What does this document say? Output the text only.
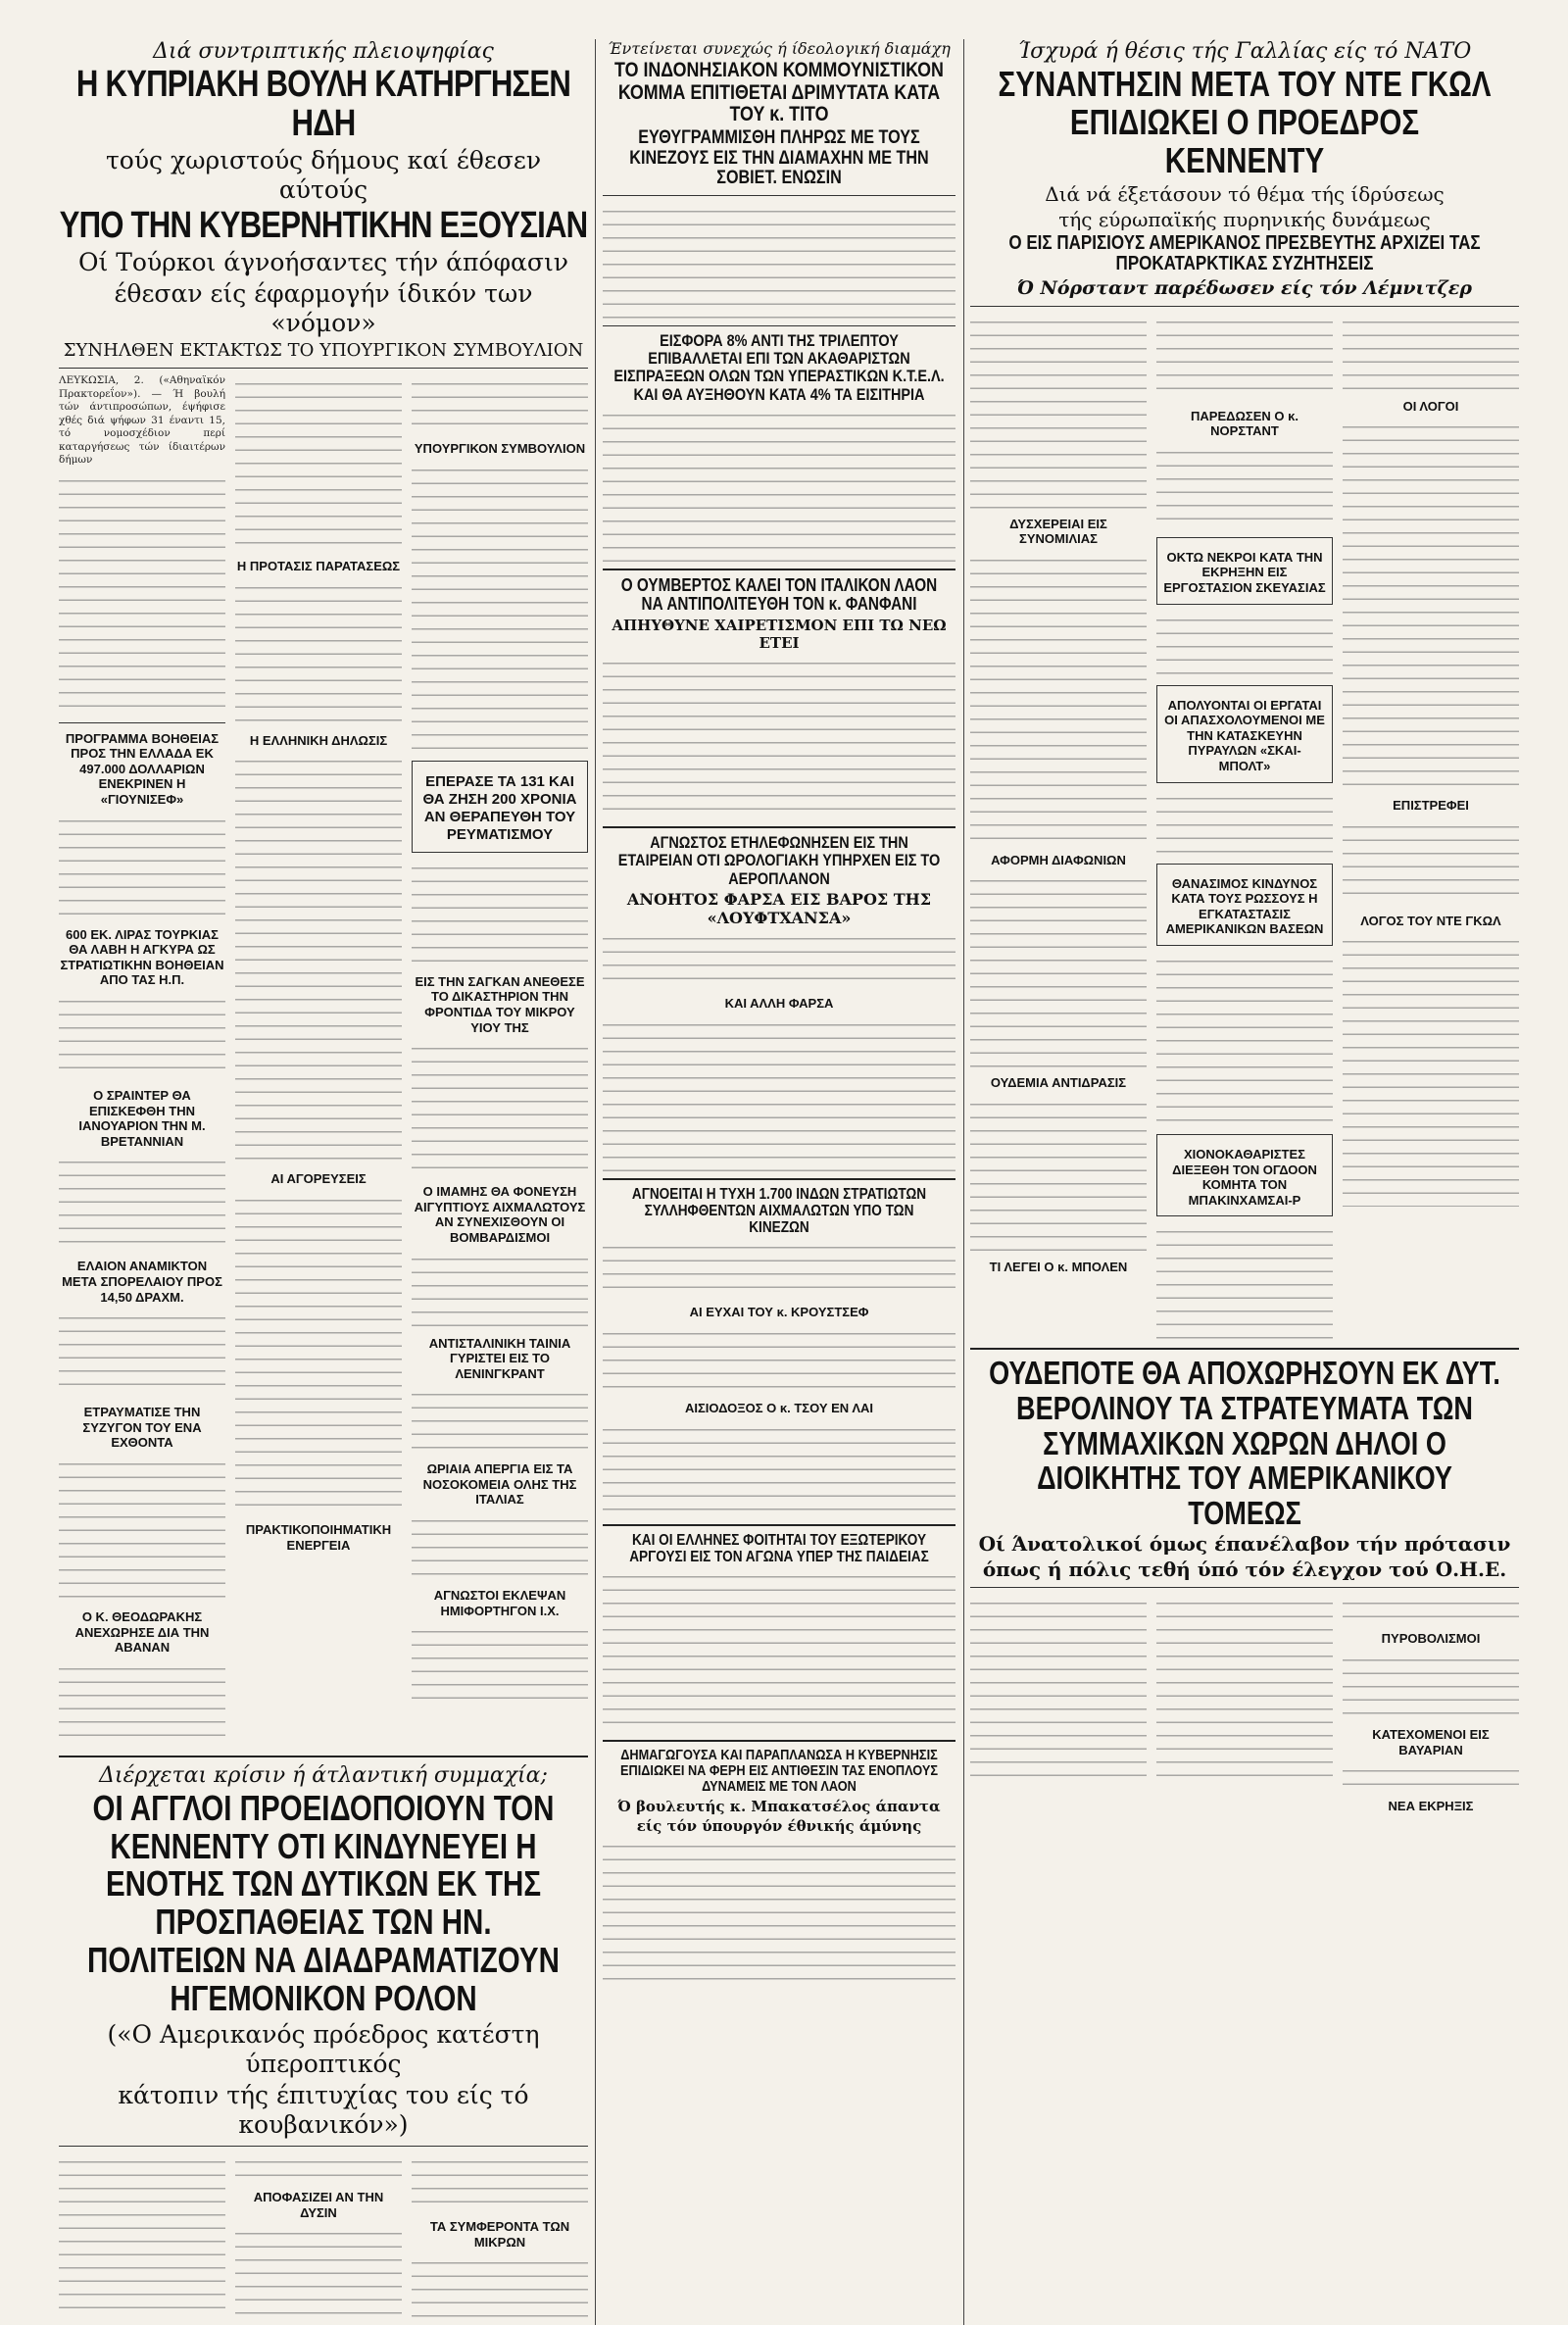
Διά συντριπτικής πλειοψηφίας
Η ΚΥΠΡΙΑΚΗ ΒΟΥΛΗ ΚΑΤΗΡΓΗΣΕΝ ΗΔΗ
τούς χωριστούς δήμους καί έθεσεν αύτούς
ΥΠΟ ΤΗΝ ΚΥΒΕΡΝΗΤΙΚΗΝ ΕΞΟΥΣΙΑΝ
Οί Τούρκοι άγνοήσαντες τήν άπόφασιν
έθεσαν είς έφαρμογήν ίδικόν των «νόμον»
ΣΥΝΗΛΘΕΝ ΕΚΤΑΚΤΩΣ ΤΟ ΥΠΟΥΡΓΙΚΟΝ ΣΥΜΒΟΥΛΙΟΝ
ΛΕΥΚΩΣΙΑ, 2. («Αθηναϊκόν Πρακτορεΐον»). — Ή βουλή τών άντιπροσώπων, έψήφισε χθές διά ψήφων 31 έναντι 15, τό νομοσχέδιον περί καταργήσεως τών ίδιαιτέρων δήμων
ΠΡΟΓΡΑΜΜΑ ΒΟΗΘΕΙΑΣ ΠΡΟΣ ΤΗΝ ΕΛΛΑΔΑ ΕΚ 497.000 ΔΟΛΛΑΡΙΩΝ ΕΝΕΚΡΙΝΕΝ Η «ΓΙΟΥΝΙΣΕΦ»
600 ΕΚ. ΛΙΡΑΣ ΤΟΥΡΚΙΑΣ ΘΑ ΛΑΒΗ Η ΑΓΚΥΡΑ ΩΣ ΣΤΡΑΤΙΩΤΙΚΗΝ ΒΟΗΘΕΙΑΝ ΑΠΟ ΤΑΣ Η.Π.
Ο ΣΡΑΙΝΤΕΡ ΘΑ ΕΠΙΣΚΕΦΘΗ ΤΗΝ ΙΑΝΟΥΑΡΙΟΝ ΤΗΝ Μ. ΒΡΕΤΑΝΝΙΑΝ
ΕΛΑΙΟΝ ΑΝΑΜΙΚΤΟΝ ΜΕΤΑ ΣΠΟΡΕΛΑΙΟΥ ΠΡΟΣ 14,50 ΔΡΑΧΜ.
ΕΤΡΑΥΜΑΤΙΣΕ ΤΗΝ ΣΥΖΥΓΟΝ ΤΟΥ ΕΝΑ ΕΧΘΟΝΤΑ
Ο Κ. ΘΕΟΔΩΡΑΚΗΣ ΑΝΕΧΩΡΗΣΕ ΔΙΑ ΤΗΝ ΑΒΑΝΑΝ
Η ΠΡΟΤΑΣΙΣ ΠΑΡΑΤΑΣΕΩΣ
Η ΕΛΛΗΝΙΚΗ ΔΗΛΩΣΙΣ
ΑΙ ΑΓΟΡΕΥΣΕΙΣ
ΠΡΑΚΤΙΚΟΠΟΙΗΜΑΤΙΚΗ ΕΝΕΡΓΕΙΑ
ΥΠΟΥΡΓΙΚΟΝ ΣΥΜΒΟΥΛΙΟΝ
ΕΠΕΡΑΣΕ ΤΑ 131 ΚΑΙ ΘΑ ΖΗΣΗ 200 ΧΡΟΝΙΑ ΑΝ ΘΕΡΑΠΕΥΘΗ ΤΟΥ ΡΕΥΜΑΤΙΣΜΟΥ
ΕΙΣ ΤΗΝ ΣΑΓΚΑΝ ΑΝΕΘΕΣΕ ΤΟ ΔΙΚΑΣΤΗΡΙΟΝ ΤΗΝ ΦΡΟΝΤΙΔΑ ΤΟΥ ΜΙΚΡΟΥ ΥΙΟΥ ΤΗΣ
Ο ΙΜΑΜΗΣ ΘΑ ΦΟΝΕΥΣΗ ΑΙΓΥΠΤΙΟΥΣ ΑΙΧΜΑΛΩΤΟΥΣ ΑΝ ΣΥΝΕΧΙΣΘΟΥΝ ΟΙ ΒΟΜΒΑΡΔΙΣΜΟΙ
ΑΝΤΙΣΤΑΛΙΝΙΚΗ ΤΑΙΝΙΑ ΓΥΡΙΣΤΕΙ ΕΙΣ ΤΟ ΛΕΝΙΝΓΚΡΑΝΤ
ΩΡΙΑΙΑ ΑΠΕΡΓΙΑ ΕΙΣ ΤΑ ΝΟΣΟΚΟΜΕΙΑ ΟΛΗΣ ΤΗΣ ΙΤΑΛΙΑΣ
ΑΓΝΩΣΤΟΙ ΕΚΛΕΨΑΝ ΗΜΙΦΟΡΤΗΓΟΝ Ι.Χ.
Διέρχεται κρίσιν ή άτλαντική συμμαχία;
ΟΙ ΑΓΓΛΟΙ ΠΡΟΕΙΔΟΠΟΙΟΥΝ ΤΟΝ ΚΕΝΝΕΝΤΥ ΟΤΙ ΚΙΝΔΥΝΕΥΕΙ Η ΕΝΟΤΗΣ ΤΩΝ ΔΥΤΙΚΩΝ ΕΚ ΤΗΣ ΠΡΟΣΠΑΘΕΙΑΣ ΤΩΝ ΗΝ. ΠΟΛΙΤΕΙΩΝ ΝΑ ΔΙΑΔΡΑΜΑΤΙΖΟΥΝ ΗΓΕΜΟΝΙΚΟΝ ΡΟΛΟΝ
(«Ο Αμερικανός πρόεδρος κατέστη ύπεροπτικός
κάτοπιν τής έπιτυχίας του είς τό κουβανικόν»)
ΑΠΟΦΑΣΙΖΕΙ ΑΝ ΤΗΝ ΔΥΣΙΝ
ΤΑ ΣΥΜΦΕΡΟΝΤΑ ΤΩΝ ΜΙΚΡΩΝ
Έντείνεται συνεχώς ή ίδεολογική διαμάχη
ΤΟ ΙΝΔΟΝΗΣΙΑΚΟΝ ΚΟΜΜΟΥΝΙΣΤΙΚΟΝ ΚΟΜΜΑ ΕΠΙΤΙΘΕΤΑΙ ΔΡΙΜΥΤΑΤΑ ΚΑΤΑ ΤΟΥ κ. ΤΙΤΟ
ΕΥΘΥΓΡΑΜΜΙΣΘΗ ΠΛΗΡΩΣ ΜΕ ΤΟΥΣ ΚΙΝΕΖΟΥΣ ΕΙΣ ΤΗΝ ΔΙΑΜΑΧΗΝ ΜΕ ΤΗΝ ΣΟΒΙΕΤ. ΕΝΩΣΙΝ
ΕΙΣΦΟΡΑ 8% ΑΝΤΙ ΤΗΣ ΤΡΙΛΕΠΤΟΥ ΕΠΙΒΑΛΛΕΤΑΙ ΕΠΙ ΤΩΝ ΑΚΑΘΑΡΙΣΤΩΝ ΕΙΣΠΡΑΞΕΩΝ ΟΛΩΝ ΤΩΝ ΥΠΕΡΑΣΤΙΚΩΝ Κ.Τ.Ε.Λ. ΚΑΙ ΘΑ ΑΥΞΗΘΟΥΝ ΚΑΤΑ 4% ΤΑ ΕΙΣΙΤΗΡΙΑ
Ο ΟΥΜΒΕΡΤΟΣ ΚΑΛΕΙ ΤΟΝ ΙΤΑΛΙΚΟΝ ΛΑΟΝ ΝΑ ΑΝΤΙΠΟΛΙΤΕΥΘΗ ΤΟΝ κ. ΦΑΝΦΑΝΙ
ΑΠΗΥΘΥΝΕ ΧΑΙΡΕΤΙΣΜΟΝ ΕΠΙ ΤΩ ΝΕΩ ΕΤΕΙ
ΑΓΝΩΣΤΟΣ ΕΤΗΛΕΦΩΝΗΣΕΝ ΕΙΣ ΤΗΝ ΕΤΑΙΡΕΙΑΝ ΟΤΙ ΩΡΟΛΟΓΙΑΚΗ ΥΠΗΡΧΕΝ ΕΙΣ ΤΟ ΑΕΡΟΠΛΑΝΟΝ
ΑΝΟΗΤΟΣ ΦΑΡΣΑ ΕΙΣ ΒΑΡΟΣ ΤΗΣ «ΛΟΥΦΤΧΑΝΣΑ»
ΚΑΙ ΑΛΛΗ ΦΑΡΣΑ
ΑΓΝΟΕΙΤΑΙ Η ΤΥΧΗ 1.700 ΙΝΔΩΝ ΣΤΡΑΤΙΩΤΩΝ ΣΥΛΛΗΦΘΕΝΤΩΝ ΑΙΧΜΑΛΩΤΩΝ ΥΠΟ ΤΩΝ ΚΙΝΕΖΩΝ
ΑΙ ΕΥΧΑΙ ΤΟΥ κ. ΚΡΟΥΣΤΣΕΦ
ΑΙΣΙΟΔΟΞΟΣ Ο κ. ΤΣΟΥ ΕΝ ΛΑΙ
ΚΑΙ ΟΙ ΕΛΛΗΝΕΣ ΦΟΙΤΗΤΑΙ ΤΟΥ ΕΞΩΤΕΡΙΚΟΥ ΑΡΓΟΥΣΙ ΕΙΣ ΤΟΝ ΑΓΩΝΑ ΥΠΕΡ ΤΗΣ ΠΑΙΔΕΙΑΣ
ΔΗΜΑΓΩΓΟΥΣΑ ΚΑΙ ΠΑΡΑΠΛΑΝΩΣΑ Η ΚΥΒΕΡΝΗΣΙΣ ΕΠΙΔΙΩΚΕΙ ΝΑ ΦΕΡΗ ΕΙΣ ΑΝΤΙΘΕΣΙΝ ΤΑΣ ΕΝΟΠΛΟΥΣ ΔΥΝΑΜΕΙΣ ΜΕ ΤΟΝ ΛΑΟΝ
Ό βουλευτής κ. Μπακατσέλος άπαντα
είς τόν ύπουργόν έθνικής άμύνης
Ίσχυρά ή θέσις τής Γαλλίας είς τό ΝΑΤΟ
ΣΥΝΑΝΤΗΣΙΝ ΜΕΤΑ ΤΟΥ ΝΤΕ ΓΚΩΛ ΕΠΙΔΙΩΚΕΙ Ο ΠΡΟΕΔΡΟΣ ΚΕΝΝΕΝΤΥ
Διά νά έξετάσουν τό θέμα τής ίδρύσεως
τής εύρωπαϊκής πυρηνικής δυνάμεως
Ο ΕΙΣ ΠΑΡΙΣΙΟΥΣ ΑΜΕΡΙΚΑΝΟΣ ΠΡΕΣΒΕΥΤΗΣ ΑΡΧΙΖΕΙ ΤΑΣ ΠΡΟΚΑΤΑΡΚΤΙΚΑΣ ΣΥΖΗΤΗΣΕΙΣ
Ό Νόρσταντ παρέδωσεν είς τόν Λέμνιτζερ
ΔΥΣΧΕΡΕΙΑΙ ΕΙΣ ΣΥΝΟΜΙΛΙΑΣ
ΑΦΟΡΜΗ ΔΙΑΦΩΝΙΩΝ
ΟΥΔΕΜΙΑ ΑΝΤΙΔΡΑΣΙΣ
ΤΙ ΛΕΓΕΙ Ο κ. ΜΠΟΛΕΝ
ΠΑΡΕΔΩΣΕΝ Ο κ. ΝΟΡΣΤΑΝΤ
ΟΚΤΩ ΝΕΚΡΟΙ ΚΑΤΑ ΤΗΝ ΕΚΡΗΞΗΝ ΕΙΣ ΕΡΓΟΣΤΑΣΙΟΝ ΣΚΕΥΑΣΙΑΣ
ΑΠΟΛΥΟΝΤΑΙ ΟΙ ΕΡΓΑΤΑΙ ΟΙ ΑΠΑΣΧΟΛΟΥΜΕΝΟΙ ΜΕ ΤΗΝ ΚΑΤΑΣΚΕΥΗΝ ΠΥΡΑΥΛΩΝ «ΣΚΑΙ-ΜΠΟΛΤ»
ΘΑΝΑΣΙΜΟΣ ΚΙΝΔΥΝΟΣ ΚΑΤΑ ΤΟΥΣ ΡΩΣΣΟΥΣ Η ΕΓΚΑΤΑΣΤΑΣΙΣ ΑΜΕΡΙΚΑΝΙΚΩΝ ΒΑΣΕΩΝ
ΧΙΟΝΟΚΑΘΑΡΙΣΤΕΣ ΔΙΕΞΕΘΗ ΤΟΝ ΟΓΔΟΟΝ ΚΟΜΗΤΑ ΤΟΝ ΜΠΑΚΙΝΧΑΜΣΑΙ-Ρ
ΟΙ ΛΟΓΟΙ
ΕΠΙΣΤΡΕΦΕΙ
ΛΟΓΟΣ ΤΟΥ ΝΤΕ ΓΚΩΛ
ΟΥΔΕΠΟΤΕ ΘΑ ΑΠΟΧΩΡΗΣΟΥΝ ΕΚ ΔΥΤ. ΒΕΡΟΛΙΝΟΥ ΤΑ ΣΤΡΑΤΕΥΜΑΤΑ ΤΩΝ ΣΥΜΜΑΧΙΚΩΝ ΧΩΡΩΝ ΔΗΛΟΙ Ο ΔΙΟΙΚΗΤΗΣ ΤΟΥ ΑΜΕΡΙΚΑΝΙΚΟΥ ΤΟΜΕΩΣ
Οί Άνατολικοί όμως έπανέλαβον τήν πρότασιν
όπως ή πόλις τεθή ύπό τόν έλεγχον τού Ο.Η.Ε.
ΠΥΡΟΒΟΛΙΣΜΟΙ
ΚΑΤΕΧΟΜΕΝΟΙ ΕΙΣ ΒΑΥΑΡΙΑΝ
ΝΕΑ ΕΚΡΗΞΙΣ
